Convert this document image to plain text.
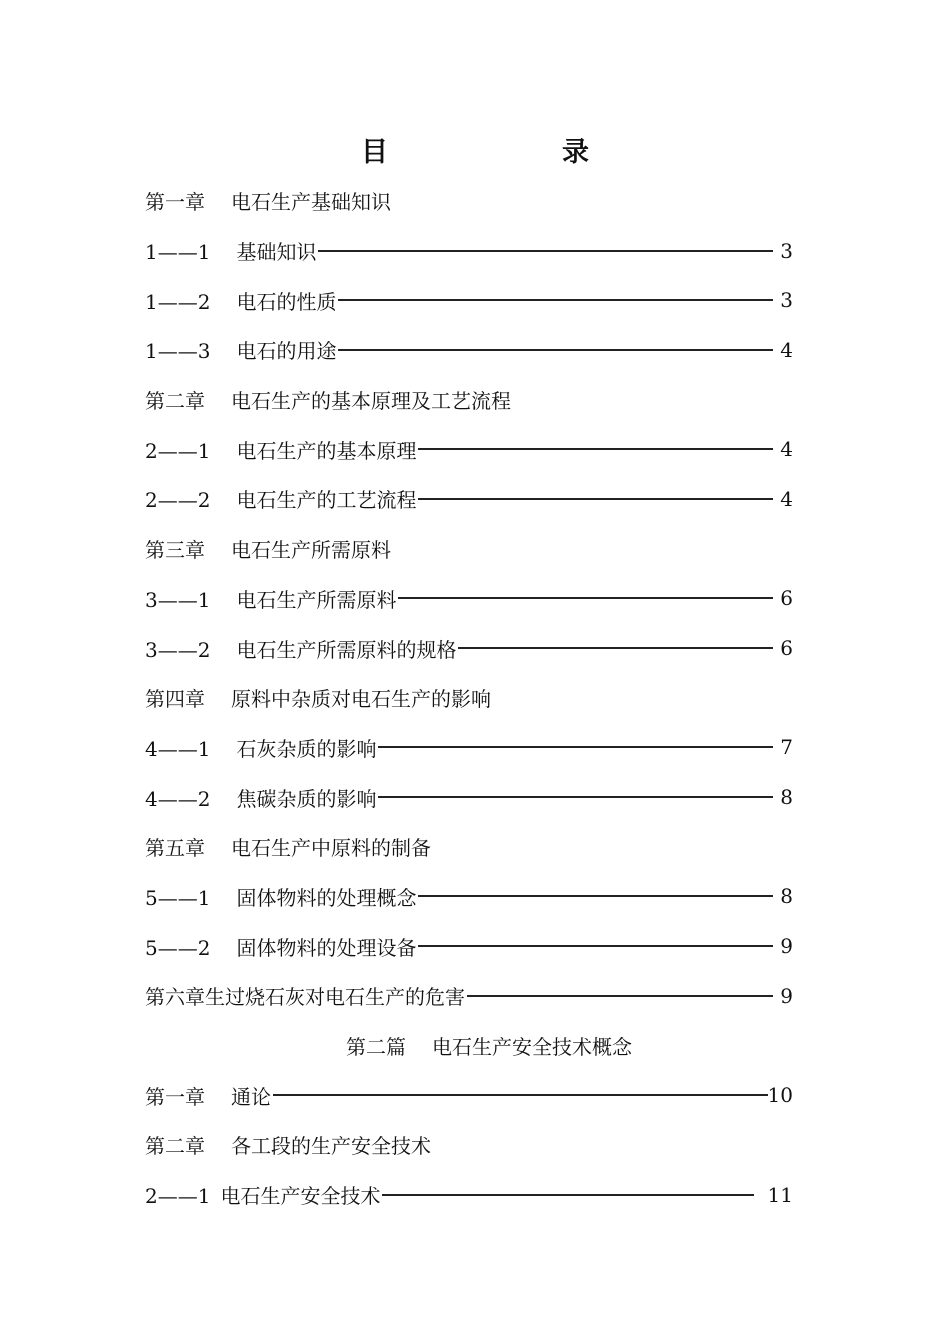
目　　录
第一章 电石生产基础知识
1——1 基础知识	3
1——2 电石的性质	3
1——3 电石的用途	4
第二章 电石生产的基本原理及工艺流程
2——1 电石生产的基本原理	4
2——2 电石生产的工艺流程	4
第三章 电石生产所需原料
3——1 电石生产所需原料	6
3——2 电石生产所需原料的规格	6
第四章 原料中杂质对电石生产的影响
4——1 石灰杂质的影响	7
4——2 焦碳杂质的影响	8
第五章 电石生产中原料的制备
5——1 固体物料的处理概念	8
5——2 固体物料的处理设备	9
第六章生过烧石灰对电石生产的危害	9
第二篇 电石生产安全技术概念
第一章 通论	10
第二章 各工段的生产安全技术
2——1 电石生产安全技术	11
